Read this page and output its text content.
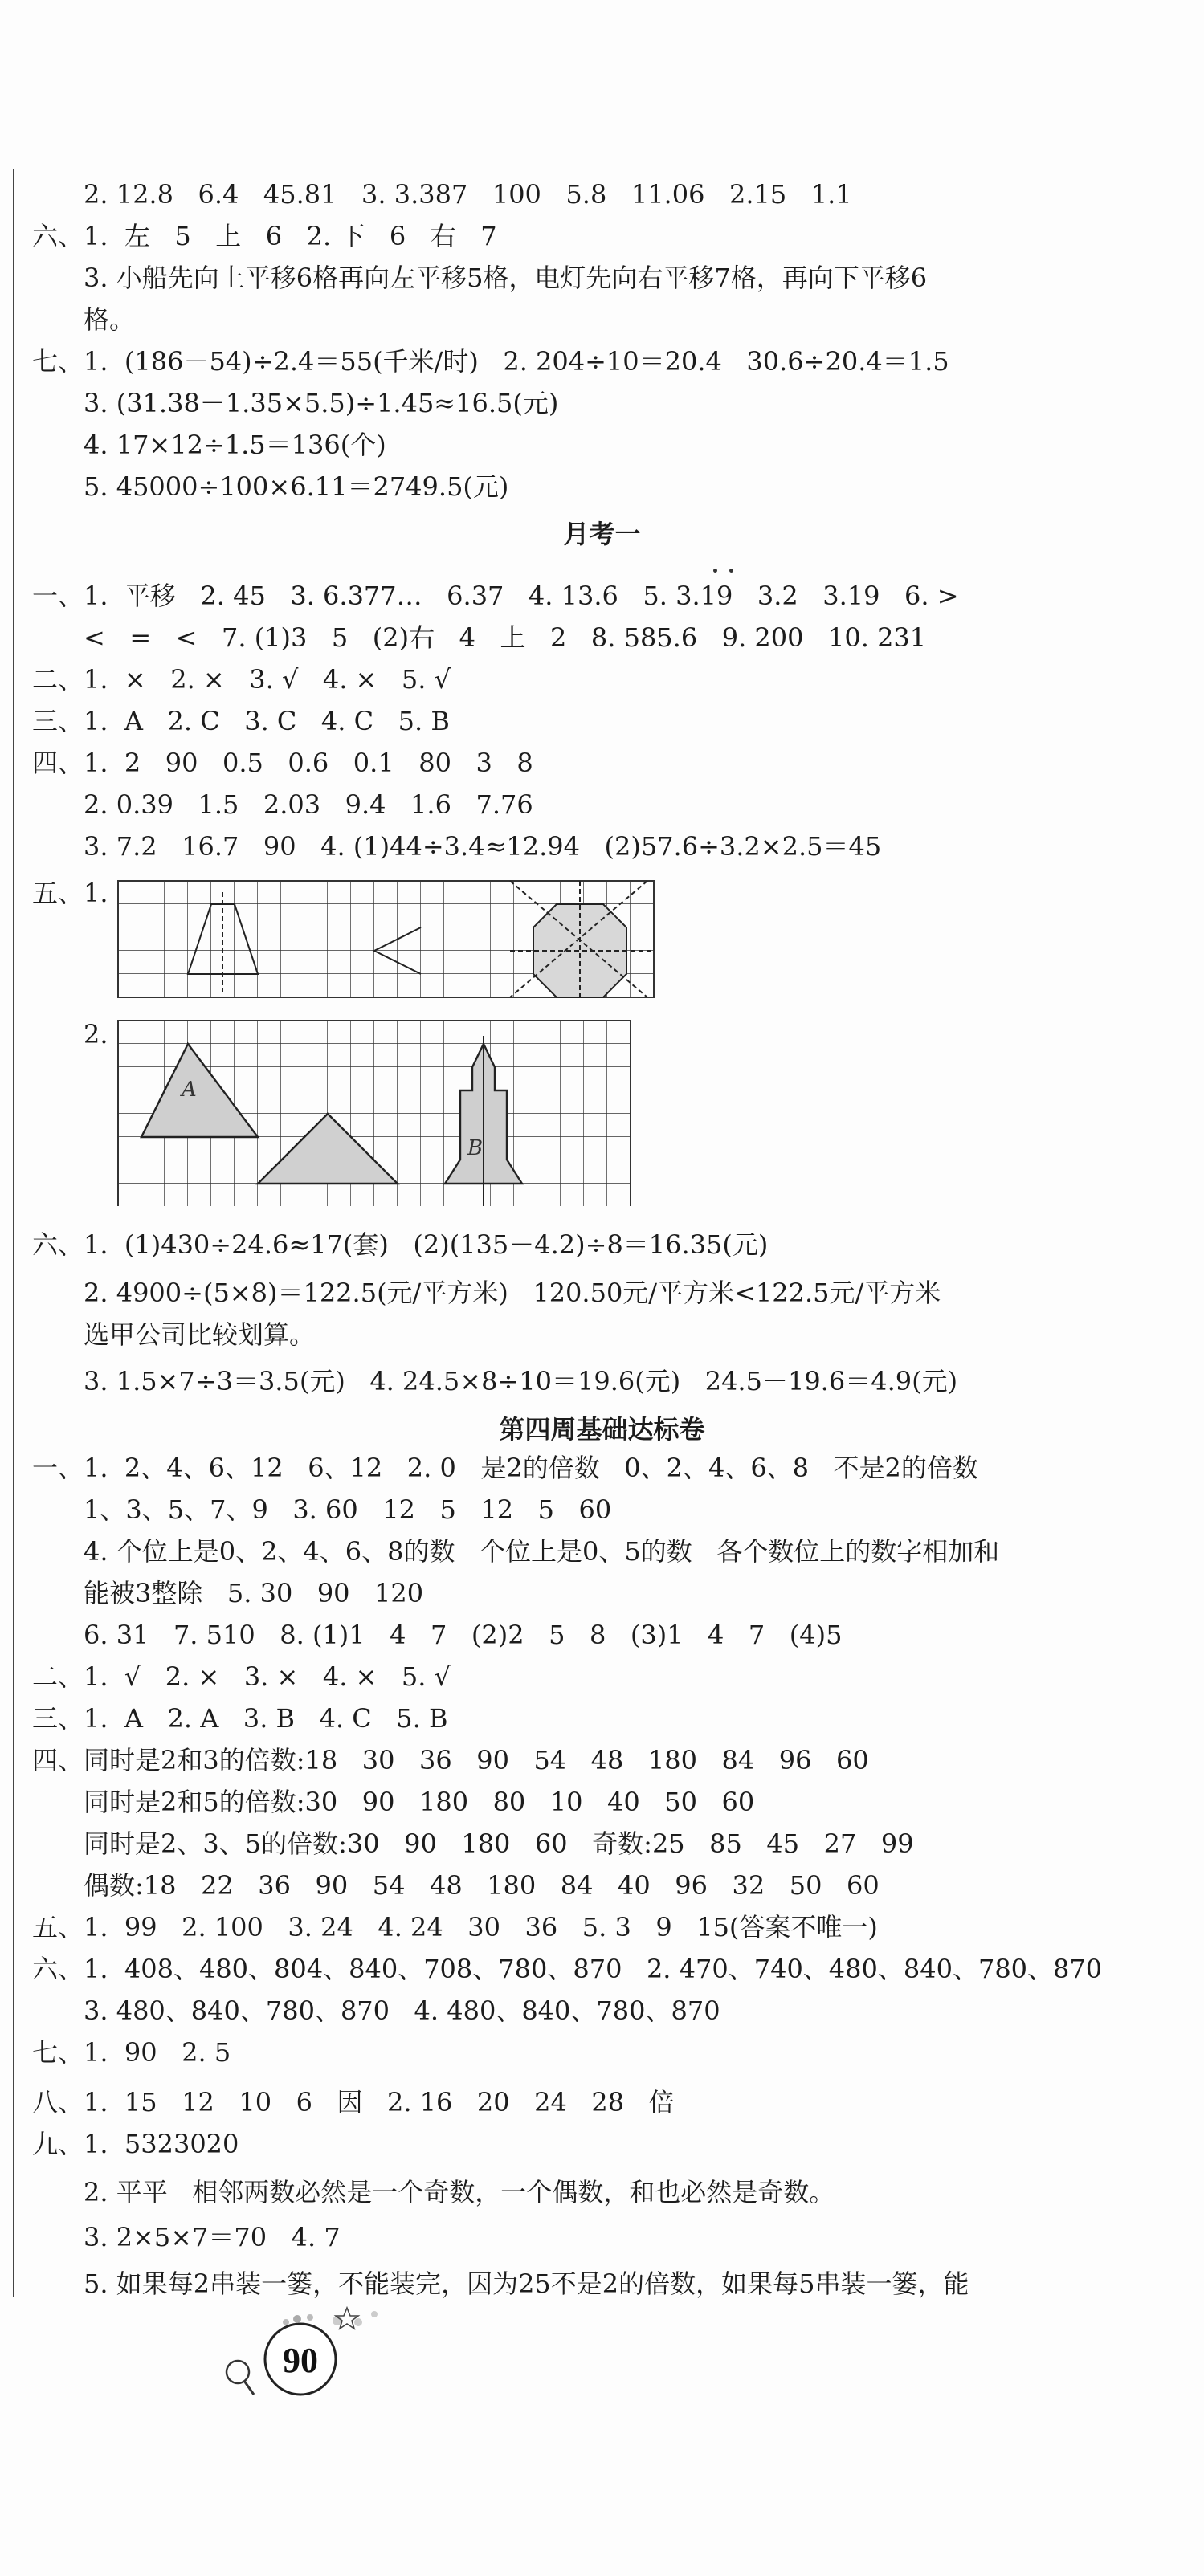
2. 12.8   6.4   45.81   3. 3.387   100   5.8   11.06   2.15   1.1
六、1.  左   5   上   6   2. 下   6   右   7
3. 小船先向上平移6格再向左平移5格，电灯先向右平移7格，再向下平移6
格。
七、1.  (186－54)÷2.4＝55(千米/时)   2. 204÷10＝20.4   30.6÷20.4＝1.5
3. (31.38－1.35×5.5)÷1.45≈16.5(元)
4. 17×12÷1.5＝136(个)
5. 45000÷100×6.11＝2749.5(元)
月考一
一、1.  平移   2. 45   3. 6.377…   6.37   4. 13.6   5. 3.19   3.2   3.19   6. >
<   =   <   7. (1)3   5   (2)右   4   上   2   8. 585.6   9. 200   10. 231
二、1.  ×   2. ×   3. √   4. ×   5. √
三、1.  A   2. C   3. C   4. C   5. B
四、1.  2   90   0.5   0.6   0.1   80   3   8
2. 0.39   1.5   2.03   9.4   1.6   7.76
3. 7.2   16.7   90   4. (1)44÷3.4≈12.94   (2)57.6÷3.2×2.5＝45
五、1.
2.
A
B
六、1.  (1)430÷24.6≈17(套)   (2)(135－4.2)÷8＝16.35(元)
2. 4900÷(5×8)＝122.5(元/平方米)   120.50元/平方米<122.5元/平方米
选甲公司比较划算。
3. 1.5×7÷3＝3.5(元)   4. 24.5×8÷10＝19.6(元)   24.5－19.6＝4.9(元)
第四周基础达标卷
一、1.  2、4、6、12   6、12   2. 0   是2的倍数   0、2、4、6、8   不是2的倍数
1、3、5、7、9   3. 60   12   5   12   5   60
4. 个位上是0、2、4、6、8的数   个位上是0、5的数   各个数位上的数字相加和
能被3整除   5. 30   90   120
6. 31   7. 510   8. (1)1   4   7   (2)2   5   8   (3)1   4   7   (4)5
二、1.  √   2. ×   3. ×   4. ×   5. √
三、1.  A   2. A   3. B   4. C   5. B
四、同时是2和3的倍数:18   30   36   90   54   48   180   84   96   60
同时是2和5的倍数:30   90   180   80   10   40   50   60
同时是2、3、5的倍数:30   90   180   60   奇数:25   85   45   27   99
偶数:18   22   36   90   54   48   180   84   40   96   32   50   60
五、1.  99   2. 100   3. 24   4. 24   30   36   5. 3   9   15(答案不唯一)
六、1.  408、480、804、840、708、780、870   2. 470、740、480、840、780、870
3. 480、840、780、870   4. 480、840、780、870
七、1.  90   2. 5
八、1.  15   12   10   6   因   2. 16   20   24   28   倍
九、1.  5323020
2. 平平   相邻两数必然是一个奇数，一个偶数，和也必然是奇数。
3. 2×5×7＝70   4. 7
5. 如果每2串装一篓，不能装完，因为25不是2的倍数，如果每5串装一篓，能
90
